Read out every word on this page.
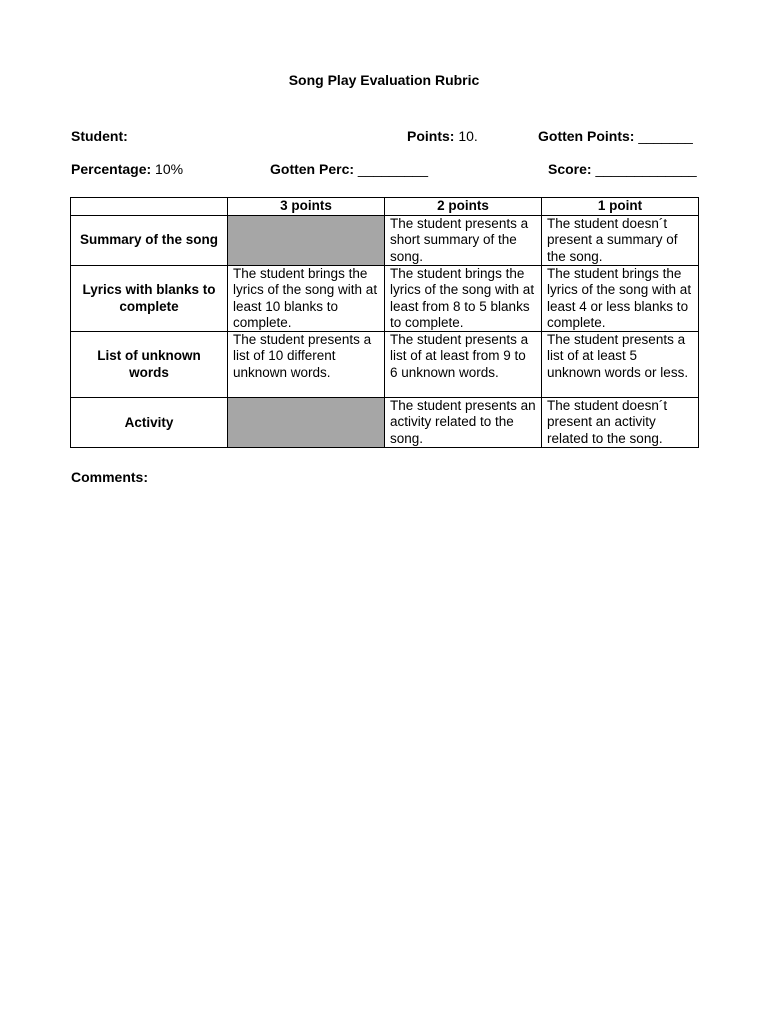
Song Play Evaluation Rubric
Student:	Points: 10.	Gotten Points: _______
Percentage: 10%	Gotten Perc: _________	Score: _____________
	3 points	2 points	1 point
Summary of the song		The student presents a short summary of the song.	The student doesn´t present a summary of the song.
Lyrics with blanks to complete	The student brings the lyrics of the song with at least 10 blanks to complete.	The student brings the lyrics of the song with at least from 8 to 5 blanks to complete.	The student brings the lyrics of the song with at least 4 or less blanks to complete.
List of unknown words	The student presents a list of 10 different unknown words.	The student presents a list of at least from 9 to 6 unknown words.	The student presents a list of at least 5 unknown words or less.
Activity		The student presents an activity related to the song.	The student doesn´t present an activity related to the song.
Comments:
